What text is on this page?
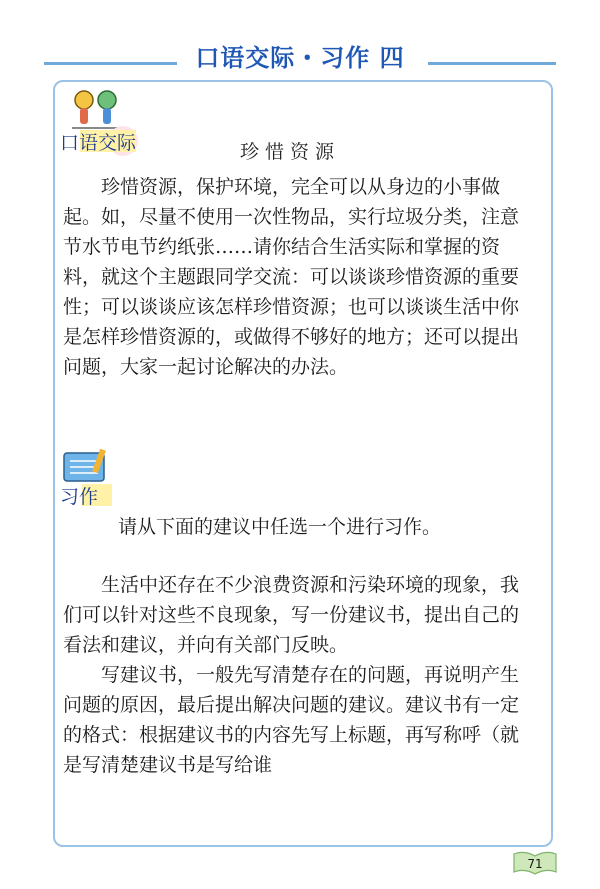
口语交际・习作 四
口语交际	珍惜资源

珍惜资源，保护环境，完全可以从身边的小事做起。如，尽量不使用一次性物品，实行垃圾分类，注意节水节电节约纸张……请你结合生活实际和掌握的资料，就这个主题跟同学交流：可以谈谈珍惜资源的重要性；可以谈谈应该怎样珍惜资源；也可以谈谈生活中你是怎样珍惜资源的，或做得不够好的地方；还可以提出问题，大家一起讨论解决的办法。

习作
请从下面的建议中任选一个进行习作。

生活中还存在不少浪费资源和污染环境的现象，我们可以针对这些不良现象，写一份建议书，提出自己的看法和建议，并向有关部门反映。

写建议书，一般先写清楚存在的问题，再说明产生问题的原因，最后提出解决问题的建议。建议书有一定的格式：根据建议书的内容先写上标题，再写称呼（就是写清楚建议书是写给谁

71
